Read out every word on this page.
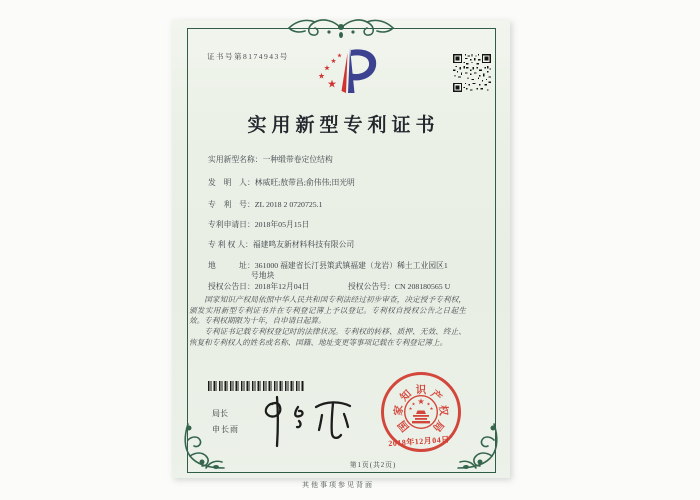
证书号第8174943号
实用新型专利证书
实用新型名称：一种缎带卷定位结构
发　明　人：林威旺;敖带昌;俞伟伟;田光明
专　利　号：ZL 2018 2 0720725.1
专利申请日：2018年05月15日
专 利 权 人：福建鸣友新材料科技有限公司
地　　　址：361000 福建省长汀县策武镇福建（龙岩）稀土工业园区1
号地块
授权公告日：2018年12月04日	授权公告号：CN 208180565 U

国家知识产权局依照中华人民共和国专利法经过初步审查，决定授予专利权，颁发实用新型专利证书并在专利登记簿上予以登记。专利权自授权公告之日起生效。专利权期限为十年，自申请日起算。

专利证书记载专利权登记时的法律状况。专利权的转移、质押、无效、终止、恢复和专利权人的姓名或名称、国籍、地址变更等事项记载在专利登记簿上。

局长
申长雨	国
家
知 识 产
权
局
2018年12月04日
第1页(共2页)
其他事项参见背面
